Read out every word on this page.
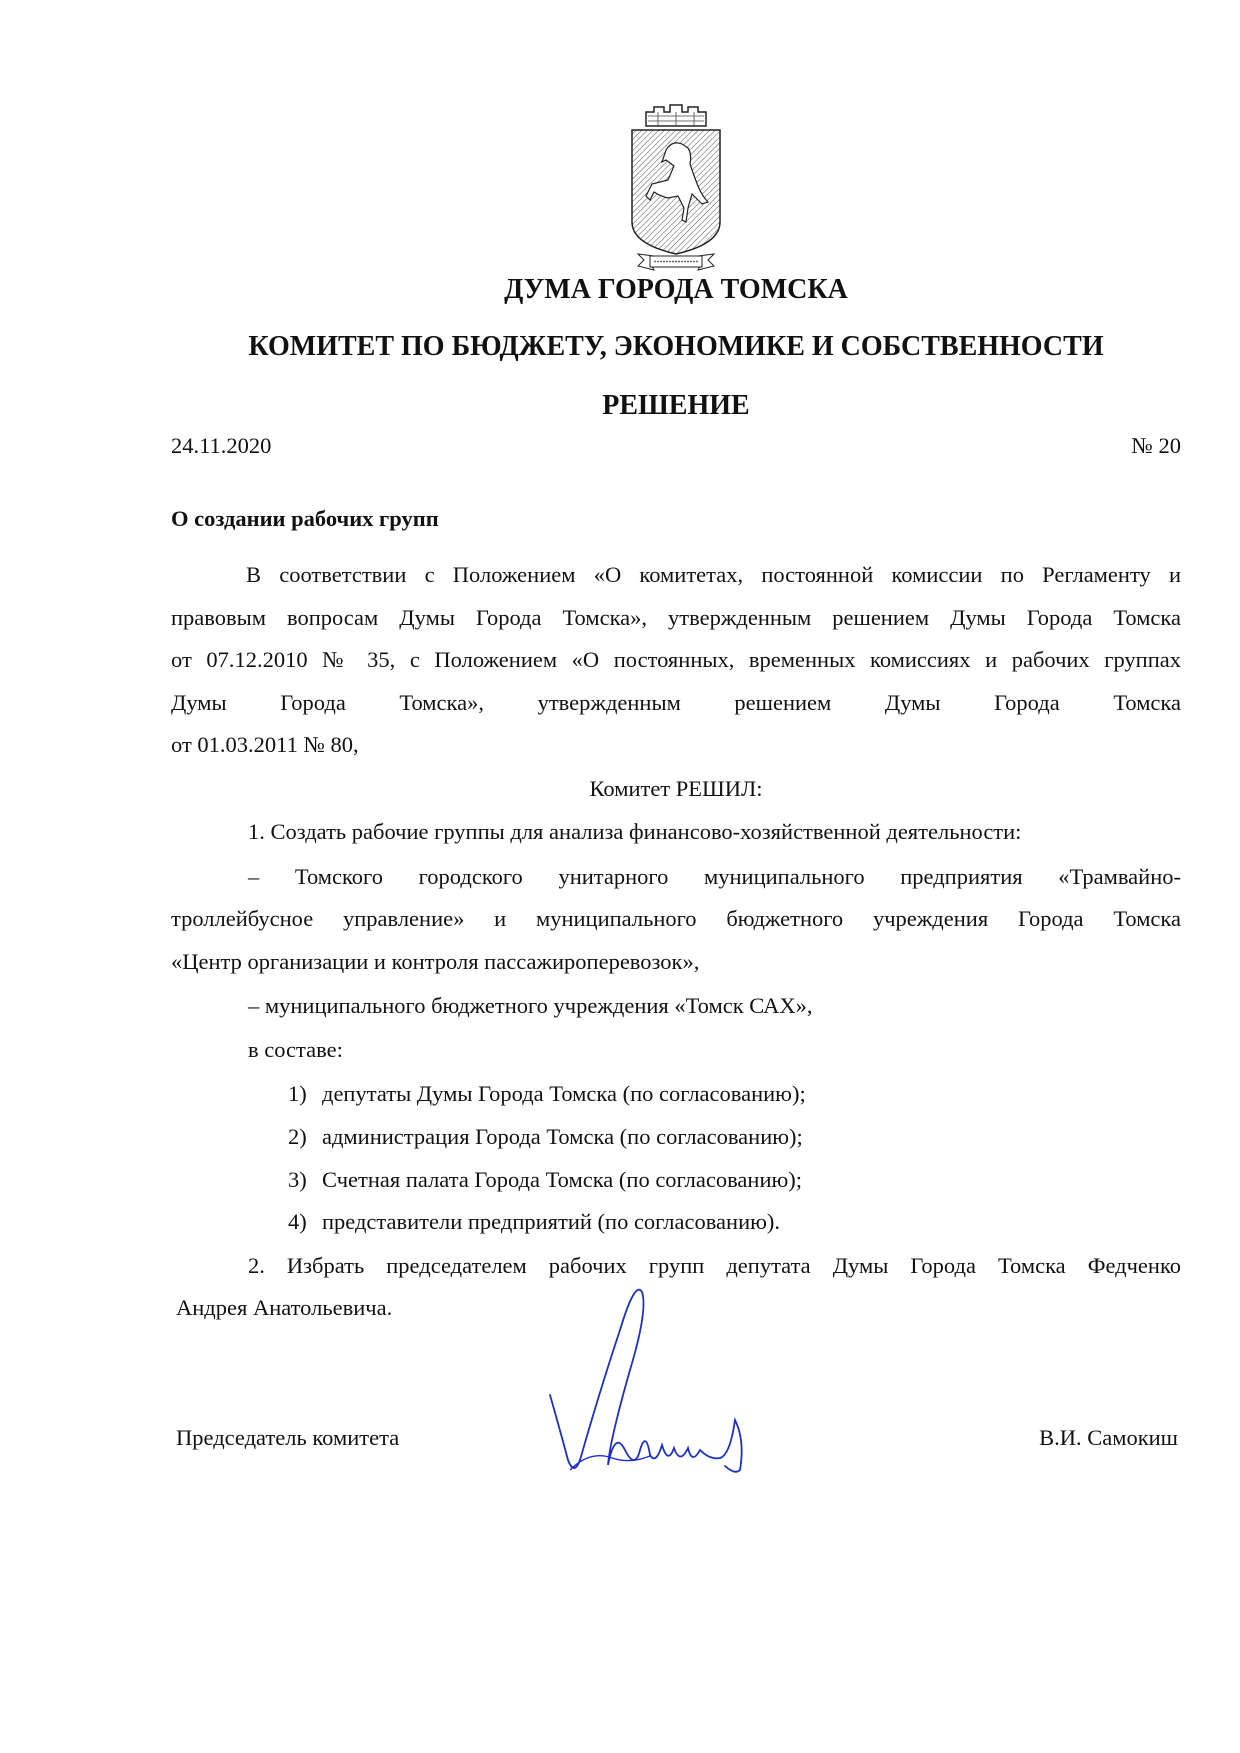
ДУМА ГОРОДА ТОМСКА
КОМИТЕТ ПО БЮДЖЕТУ, ЭКОНОМИКЕ И СОБСТВЕННОСТИ
РЕШЕНИЕ
24.11.2020	№ 20
О создании рабочих групп
В соответствии с Положением «О комитетах, постоянной комиссии по Регламенту и
правовым вопросам Думы Города Томска», утвержденным решением Думы Города Томска
от 07.12.2010 № 35, с Положением «О постоянных, временных комиссиях и рабочих группах
Думы Города Томска», утвержденным решением Думы Города Томска
от 01.03.2011 № 80,
Комитет РЕШИЛ:
1. Создать рабочие группы для анализа финансово-хозяйственной деятельности:
– Томского городского унитарного муниципального предприятия «Трамвайно-
троллейбусное управление» и муниципального бюджетного учреждения Города Томска
«Центр организации и контроля пассажироперевозок»,
– муниципального бюджетного учреждения «Томск САХ»,
в составе:
1) депутаты Думы Города Томска (по согласованию);
2) администрация Города Томска (по согласованию);
3) Счетная палата Города Томска (по согласованию);
4) представители предприятий (по согласованию).
2. Избрать председателем рабочих групп депутата Думы Города Томска Федченко
Андрея Анатольевича.
Председатель комитета	В.И. Самокиш
